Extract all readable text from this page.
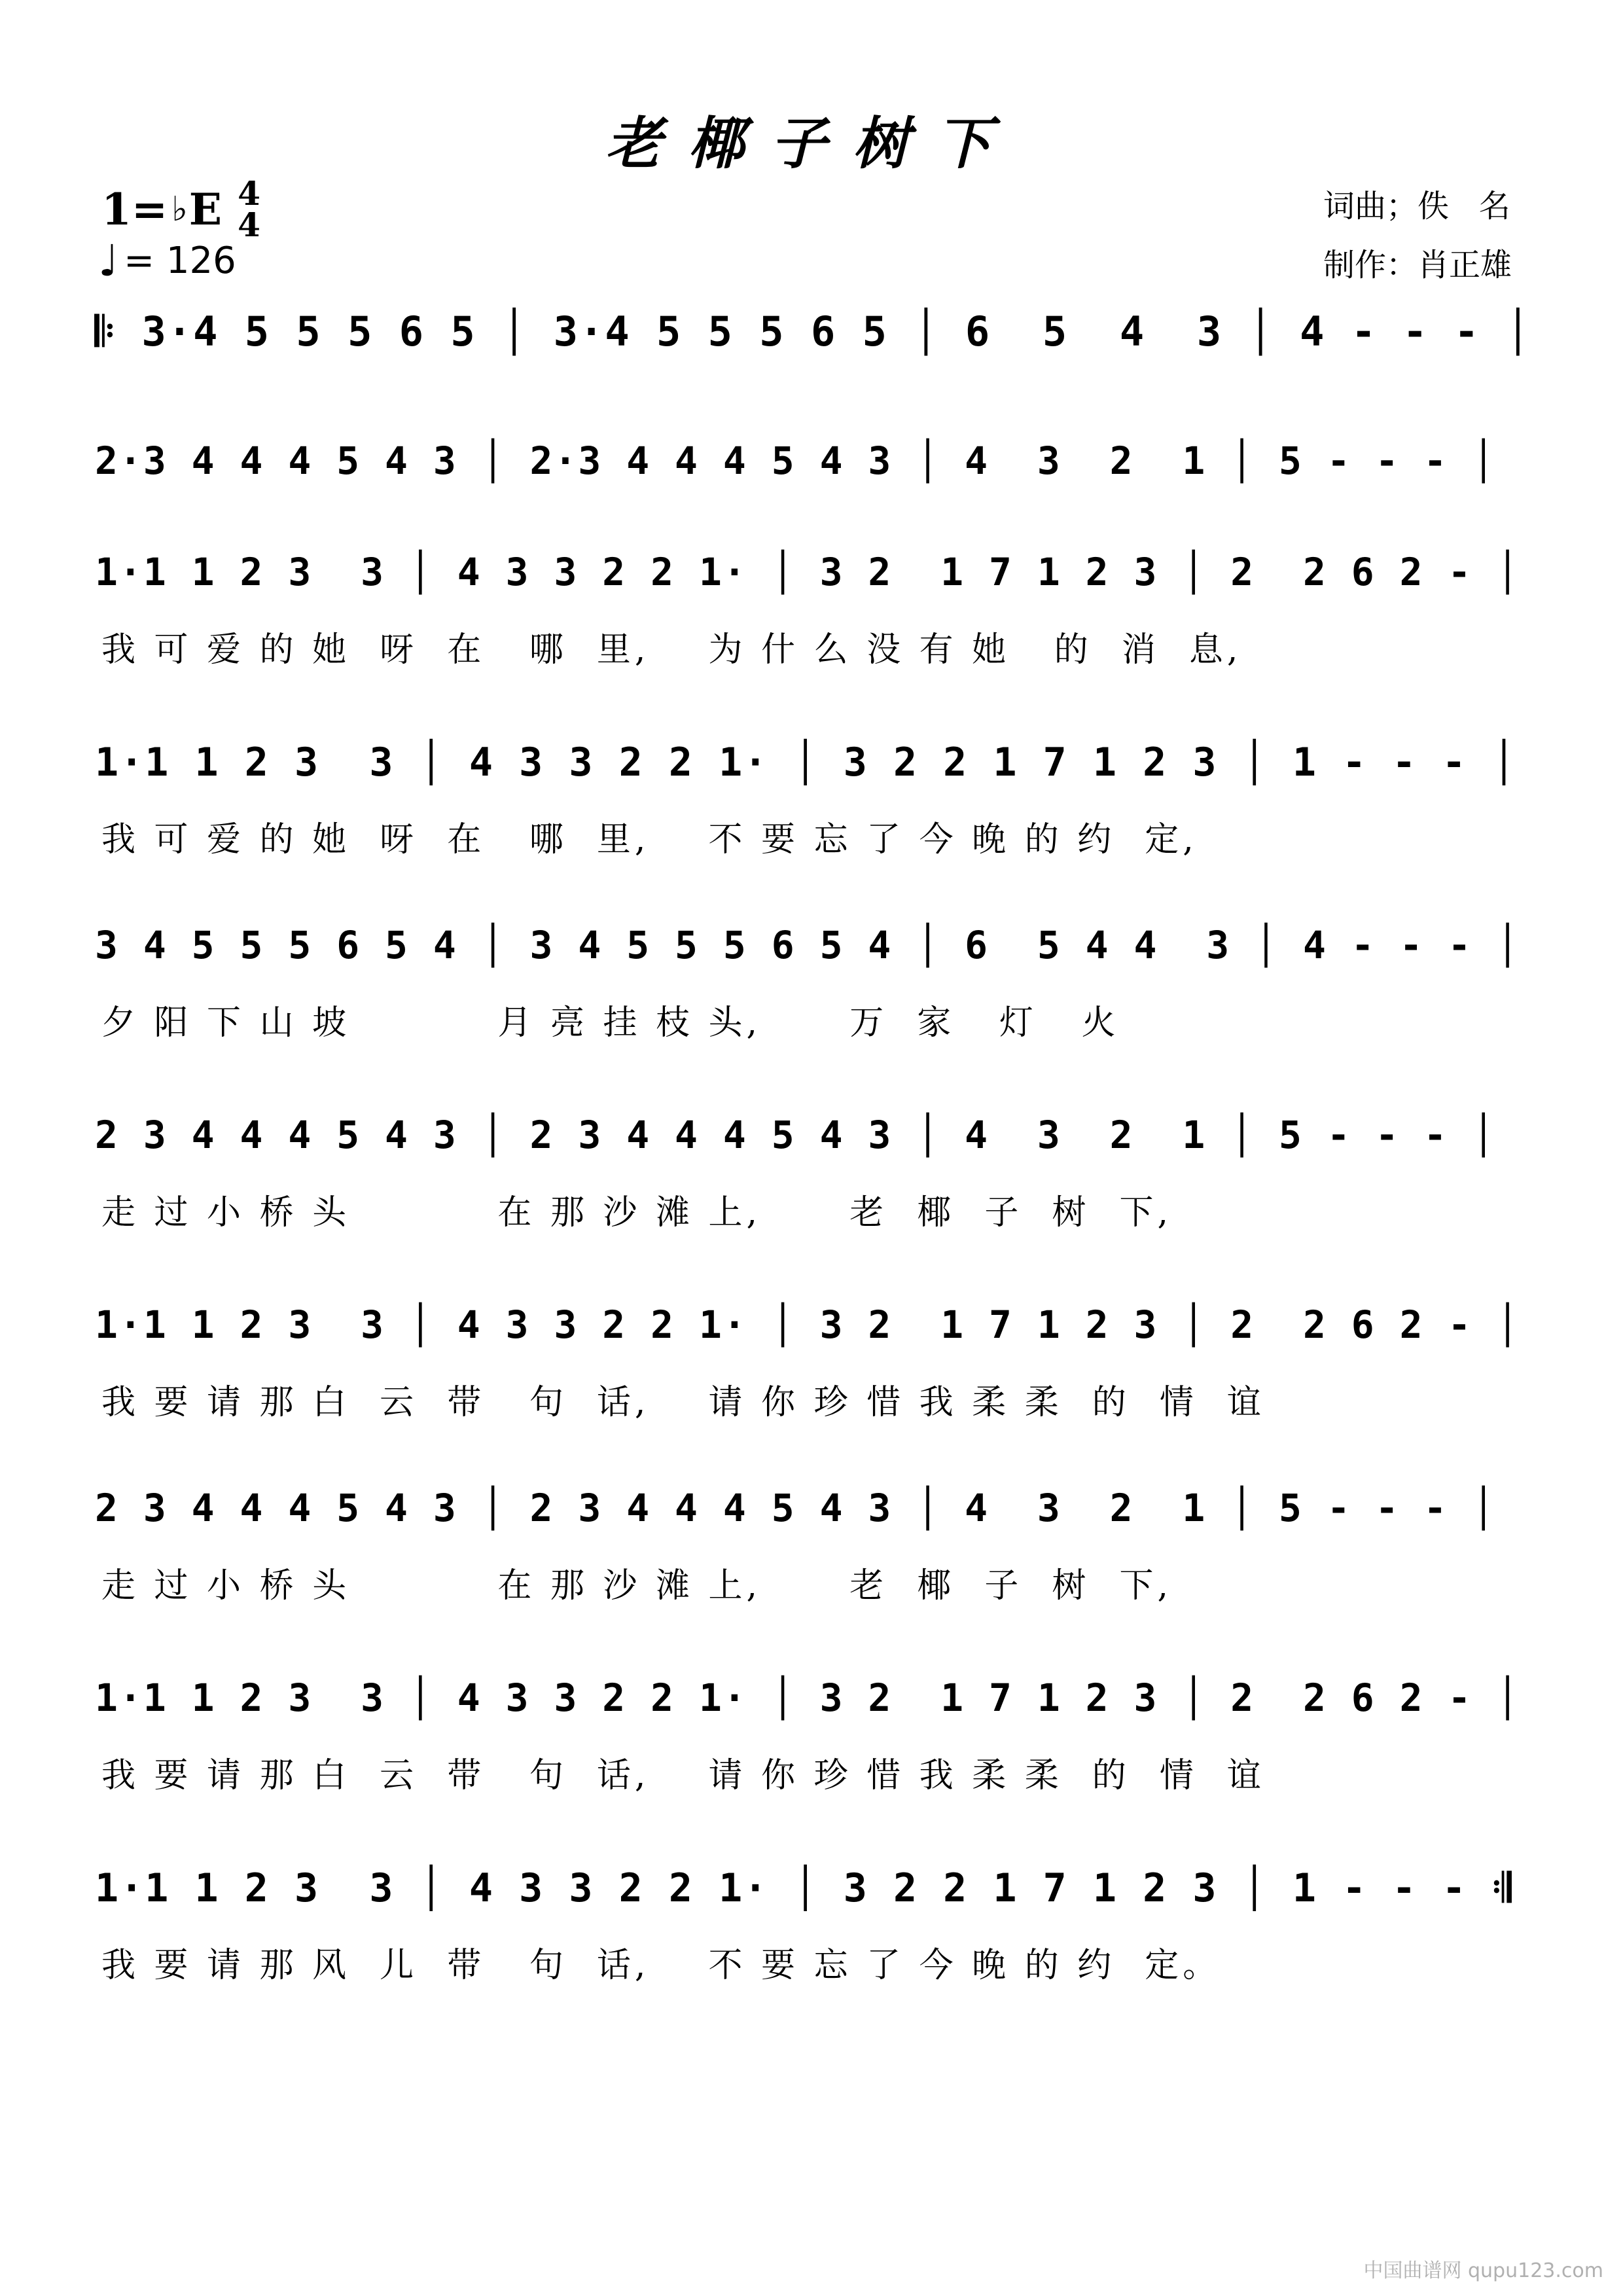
老椰子树下
1= ♭ E 4
4
♩ = 126
词曲；佚   名
制作：肖正雄
𝄆 3·4 5 5 5 6 5 │ 3·4 5 5 5 6 5 │ 6  5  4  3 │ 4 - - - │
2·3 4 4 4 5 4 3 │ 2·3 4 4 4 5 4 3 │ 4  3  2  1 │ 5 - - - │
1·1 1 2 3  3 │ 4 3 3 2 2 1· │ 3 2  1 7 1 2 3 │ 2  2 6 2 - │
我 可 爱 的 她  呀  在   哪  里,    为 什 么 没 有 她   的  消  息,
1·1 1 2 3  3 │ 4 3 3 2 2 1· │ 3 2 2 1 7 1 2 3 │ 1 - - - │
我 可 爱 的 她  呀  在   哪  里,    不 要 忘 了 今 晚 的 约  定,
3 4 5 5 5 6 5 4 │ 3 4 5 5 5 6 5 4 │ 6  5 4 4  3 │ 4 - - - │
夕 阳 下 山 坡          月 亮 挂 枝 头,      万  家   灯   火
2 3 4 4 4 5 4 3 │ 2 3 4 4 4 5 4 3 │ 4  3  2  1 │ 5 - - - │
走 过 小 桥 头          在 那 沙 滩 上,      老  椰  子  树  下,
1·1 1 2 3  3 │ 4 3 3 2 2 1· │ 3 2  1 7 1 2 3 │ 2  2 6 2 - │
我 要 请 那 白  云  带   句  话,    请 你 珍 惜 我 柔 柔  的  情  谊
2 3 4 4 4 5 4 3 │ 2 3 4 4 4 5 4 3 │ 4  3  2  1 │ 5 - - - │
走 过 小 桥 头          在 那 沙 滩 上,      老  椰  子  树  下,
1·1 1 2 3  3 │ 4 3 3 2 2 1· │ 3 2  1 7 1 2 3 │ 2  2 6 2 - │
我 要 请 那 白  云  带   句  话,    请 你 珍 惜 我 柔 柔  的  情  谊
1·1 1 2 3  3 │ 4 3 3 2 2 1· │ 3 2 2 1 7 1 2 3 │ 1 - - - 𝄇
我 要 请 那 风  儿  带   句  话,    不 要 忘 了 今 晚 的 约  定。
中国曲谱网 qupu123.com
